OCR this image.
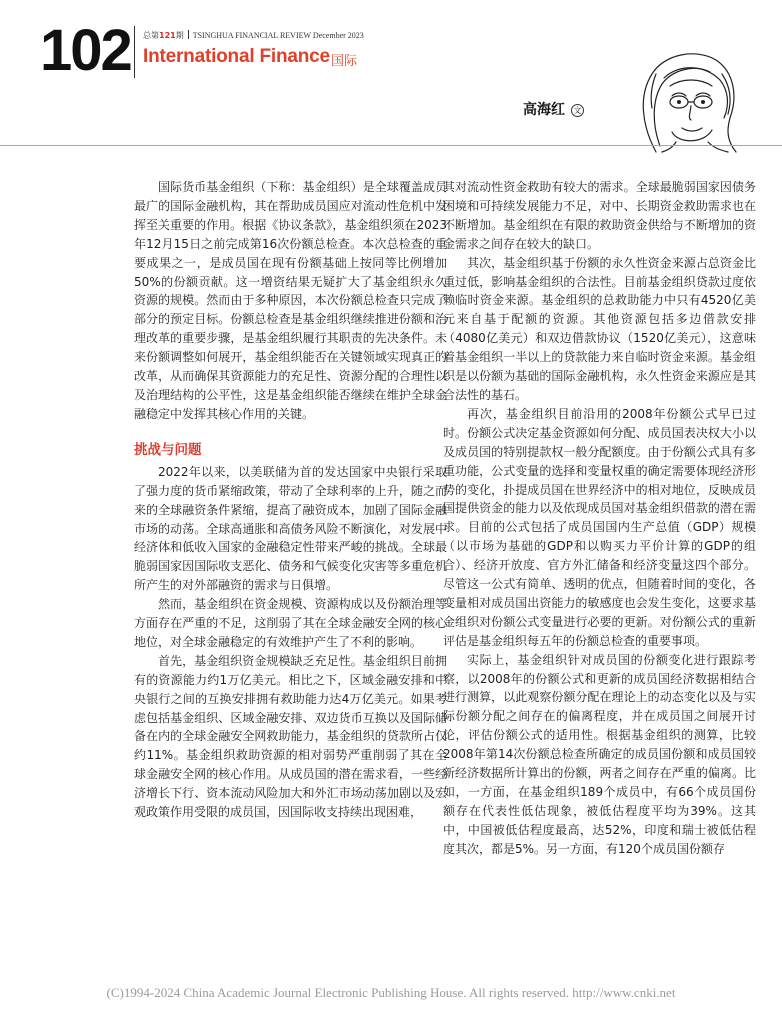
102 总第121期 TSINGHUA FINANCIAL REVIEW December 2023
International Finance 国际
高海红 文

国际货币基金组织（下称：基金组织）是全球覆盖成员最广的国际金融机构，其在帮助成员国应对流动性危机中发挥至关重要的作用。根据《协议条款》，基金组织须在2023年12月15日之前完成第16次份额总检查。本次总检查的重要成果之一，是成员国在现有份额基础上按同等比例增加50%的份额贡献。这一增资结果无疑扩大了基金组织永久资源的规模。然而由于多种原因，本次份额总检查只完成了部分的预定目标。份额总检查是基金组织继续推进份额和治理改革的重要步骤，是基金组织履行其职责的先决条件。未来份额调整如何展开，基金组织能否在关键领域实现真正的改革，从而确保其资源能力的充足性、资源分配的合理性以及治理结构的公平性，这是基金组织能否继续在维护全球金融稳定中发挥其核心作用的关键。

挑战与问题

2022年以来，以美联储为首的发达国家中央银行采取了强力度的货币紧缩政策，带动了全球利率的上升，随之而来的全球融资条件紧缩，提高了融资成本，加剧了国际金融市场的动荡。全球高通胀和高债务风险不断演化，对发展中经济体和低收入国家的金融稳定性带来严峻的挑战。全球最脆弱国家因国际收支恶化、债务和气候变化灾害等多重危机所产生的对外部融资的需求与日俱增。

然而，基金组织在资金规模、资源构成以及份额治理等方面存在严重的不足，这削弱了其在全球金融安全网的核心地位，对全球金融稳定的有效维护产生了不利的影响。

首先，基金组织资金规模缺乏充足性。基金组织目前拥有的资源能力约1万亿美元。相比之下，区域金融安排和中央银行之间的互换安排拥有救助能力达4万亿美元。如果考虑包括基金组织、区域金融安排、双边货币互换以及国际储备在内的全球金融安全网救助能力，基金组织的贷款所占仅约11%。基金组织救助资源的相对弱势严重削弱了其在全球金融安全网的核心作用。从成员国的潜在需求看，一些经济增长下行、资本流动风险加大和外汇市场动荡加剧以及宏观政策作用受限的成员国，因国际收支持续出现困难，

其对流动性资金救助有较大的需求。全球最脆弱国家因债务困境和可持续发展能力不足，对中、长期资金救助需求也在不断增加。基金组织在有限的救助资金供给与不断增加的资金需求之间存在较大的缺口。

其次，基金组织基于份额的永久性资金来源占总资金比重过低，影响基金组织的合法性。目前基金组织贷款过度依赖临时资金来源。基金组织的总救助能力中只有4520亿美元来自基于配额的资源。其他资源包括多边借款安排（4080亿美元）和双边借款协议（1520亿美元），这意味着基金组织一半以上的贷款能力来自临时资金来源。基金组织是以份额为基础的国际金融机构，永久性资金来源应是其合法性的基石。

再次，基金组织目前沿用的2008年份额公式早已过时。份额公式决定基金资源如何分配、成员国表决权大小以及成员国的特别提款权一般分配额度。由于份额公式具有多重功能，公式变量的选择和变量权重的确定需要体现经济形势的变化，扑提成员国在世界经济中的相对地位，反映成员国提供资金的能力以及依现成员国对基金组织借款的潜在需求。目前的公式包括了成员国国内生产总值（GDP）规模（以市场为基础的GDP和以购买力平价计算的GDP的组合）、经济开放度、官方外汇储备和经济变量这四个部分。尽管这一公式有简单、透明的优点，但随着时间的变化，各变量相对成员国出资能力的敏感度也会发生变化，这要求基金组织对份额公式变量进行必要的更新。对份额公式的重新评估是基金组织每五年的份额总检查的重要事项。

实际上，基金组织针对成员国的份额变化进行跟踪考察，以2008年的份额公式和更新的成员国经济数据相结合进行测算，以此观察份额分配在理论上的动态变化以及与实际份额分配之间存在的偏离程度，并在成员国之间展开讨论，评估份额公式的适用性。根据基金组织的测算，比较2008年第14次份额总检查所确定的成员国份额和成员国较新经济数据所计算出的份额，两者之间存在严重的偏离。比如，一方面，在基金组织189个成员中，有66个成员国份额存在代表性低估现象，被低估程度平均为39%。这其中，中国被低估程度最高，达52%，印度和瑞士被低估程度其次，都是5%。另一方面，有120个成员国份额存

(C)1994-2024 China Academic Journal Electronic Publishing House. All rights reserved. http://www.cnki.net
